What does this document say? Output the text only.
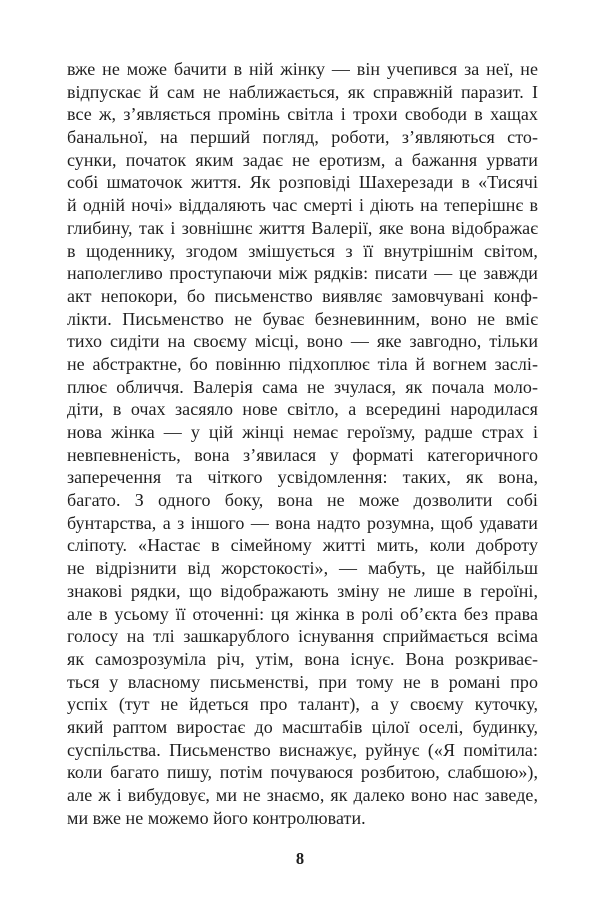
вже не може бачити в ній жінку — він учепився за неї, не
відпускає й сам не наближається, як справжній паразит. І
все ж, з’являється промінь світла і трохи свободи в хащах
банальної, на перший погляд, роботи, з’являються сто-
сунки, початок яким задає не еротизм, а бажання урвати
собі шматочок життя. Як розповіді Шахерезади в «Тисячі
й одній ночі» віддаляють час смерті і діють на теперішнє в
глибину, так і зовнішнє життя Валерії, яке вона відображає
в щоденнику, згодом змішується з її внутрішнім світом,
наполегливо проступаючи між рядків: писати — це завжди
акт непокори, бо письменство виявляє замовчувані конф-
лікти. Письменство не буває безневинним, воно не вміє
тихо сидіти на своєму місці, воно — яке завгодно, тільки
не абстрактне, бо повінню підхоплює тіла й вогнем заслі-
плює обличчя. Валерія сама не зчулася, як почала моло-
діти, в очах засяяло нове світло, а всередині народилася
нова жінка — у цій жінці немає героїзму, радше страх і
невпевненість, вона з’явилася у форматі категоричного
заперечення та чіткого усвідомлення: таких, як вона,
багато. З одного боку, вона не може дозволити собі
бунтарства, а з іншого — вона надто розумна, щоб удавати
сліпоту. «Настає в сімейному житті мить, коли доброту
не відрізнити від жорстокості», — мабуть, це найбільш
знакові рядки, що відображають зміну не лише в героїні,
але в усьому її оточенні: ця жінка в ролі об’єкта без права
голосу на тлі зашкарублого існування сприймається всіма
як самозрозуміла річ, утім, вона існує. Вона розкриває-
ться у власному письменстві, при тому не в романі про
успіх (тут не йдеться про талант), а у своєму куточку,
який раптом виростає до масштабів цілої оселі, будинку,
суспільства. Письменство виснажує, руйнує («Я помітила:
коли багато пишу, потім почуваюся розбитою, слабшою»),
але ж і вибудовує, ми не знаємо, як далеко воно нас заведе,
ми вже не можемо його контролювати.
8
